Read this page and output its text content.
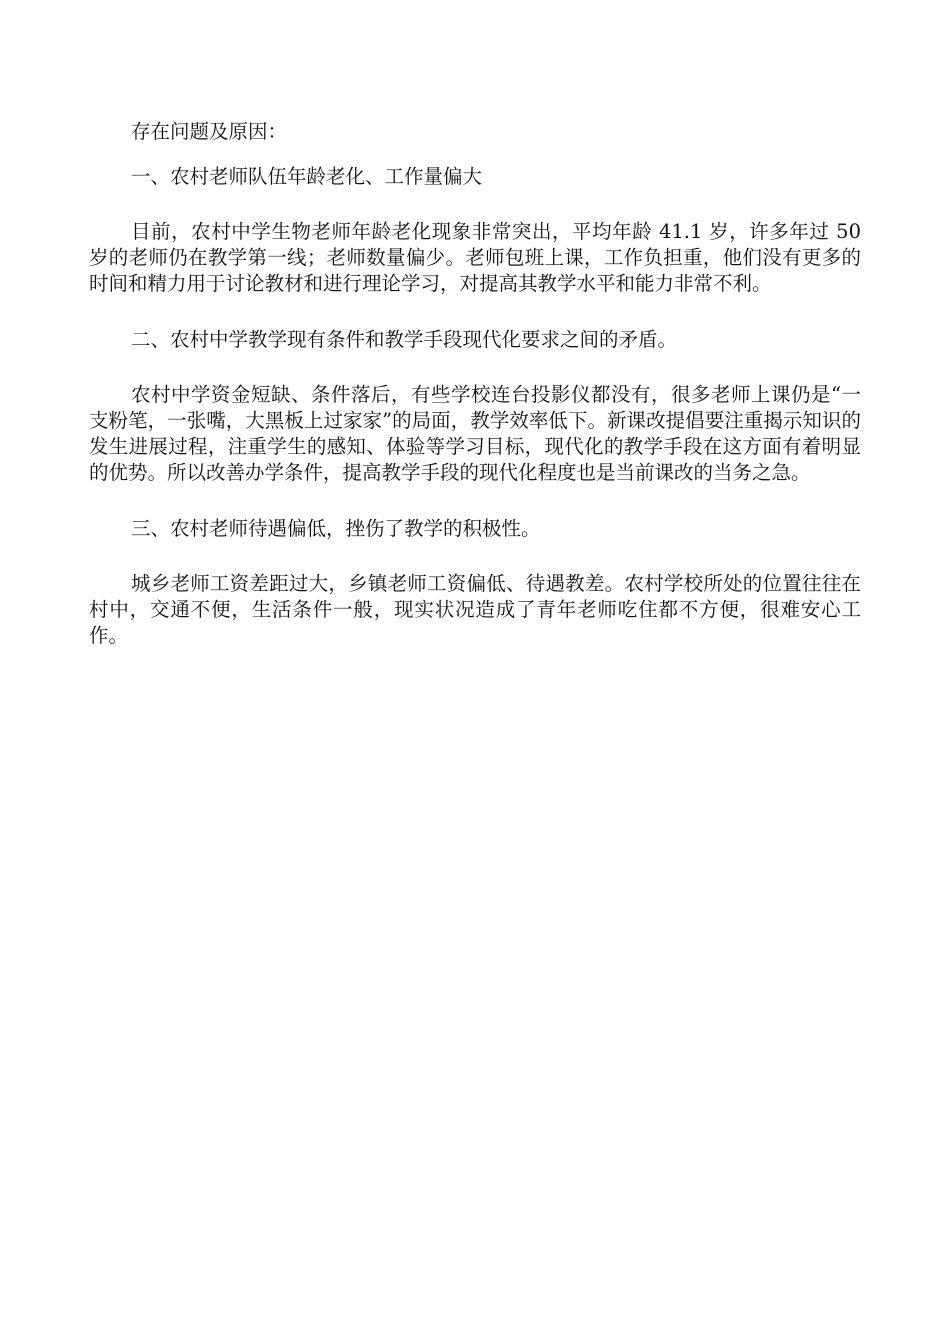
存在问题及原因：

一、农村老师队伍年龄老化、工作量偏大

目前，农村中学生物老师年龄老化现象非常突出，平均年龄 41.1 岁，许多年过 50 岁的老师仍在教学第一线；老师数量偏少。老师包班上课，工作负担重，他们没有更多的时间和精力用于讨论教材和进行理论学习，对提高其教学水平和能力非常不利。

二、农村中学教学现有条件和教学手段现代化要求之间的矛盾。

农村中学资金短缺、条件落后，有些学校连台投影仪都没有，很多老师上课仍是“一支粉笔，一张嘴，大黑板上过家家”的局面，教学效率低下。新课改提倡要注重揭示知识的发生进展过程，注重学生的感知、体验等学习目标，现代化的教学手段在这方面有着明显的优势。所以改善办学条件，提高教学手段的现代化程度也是当前课改的当务之急。

三、农村老师待遇偏低，挫伤了教学的积极性。

城乡老师工资差距过大，乡镇老师工资偏低、待遇教差。农村学校所处的位置往往在村中，交通不便，生活条件一般，现实状况造成了青年老师吃住都不方便，很难安心工作。
